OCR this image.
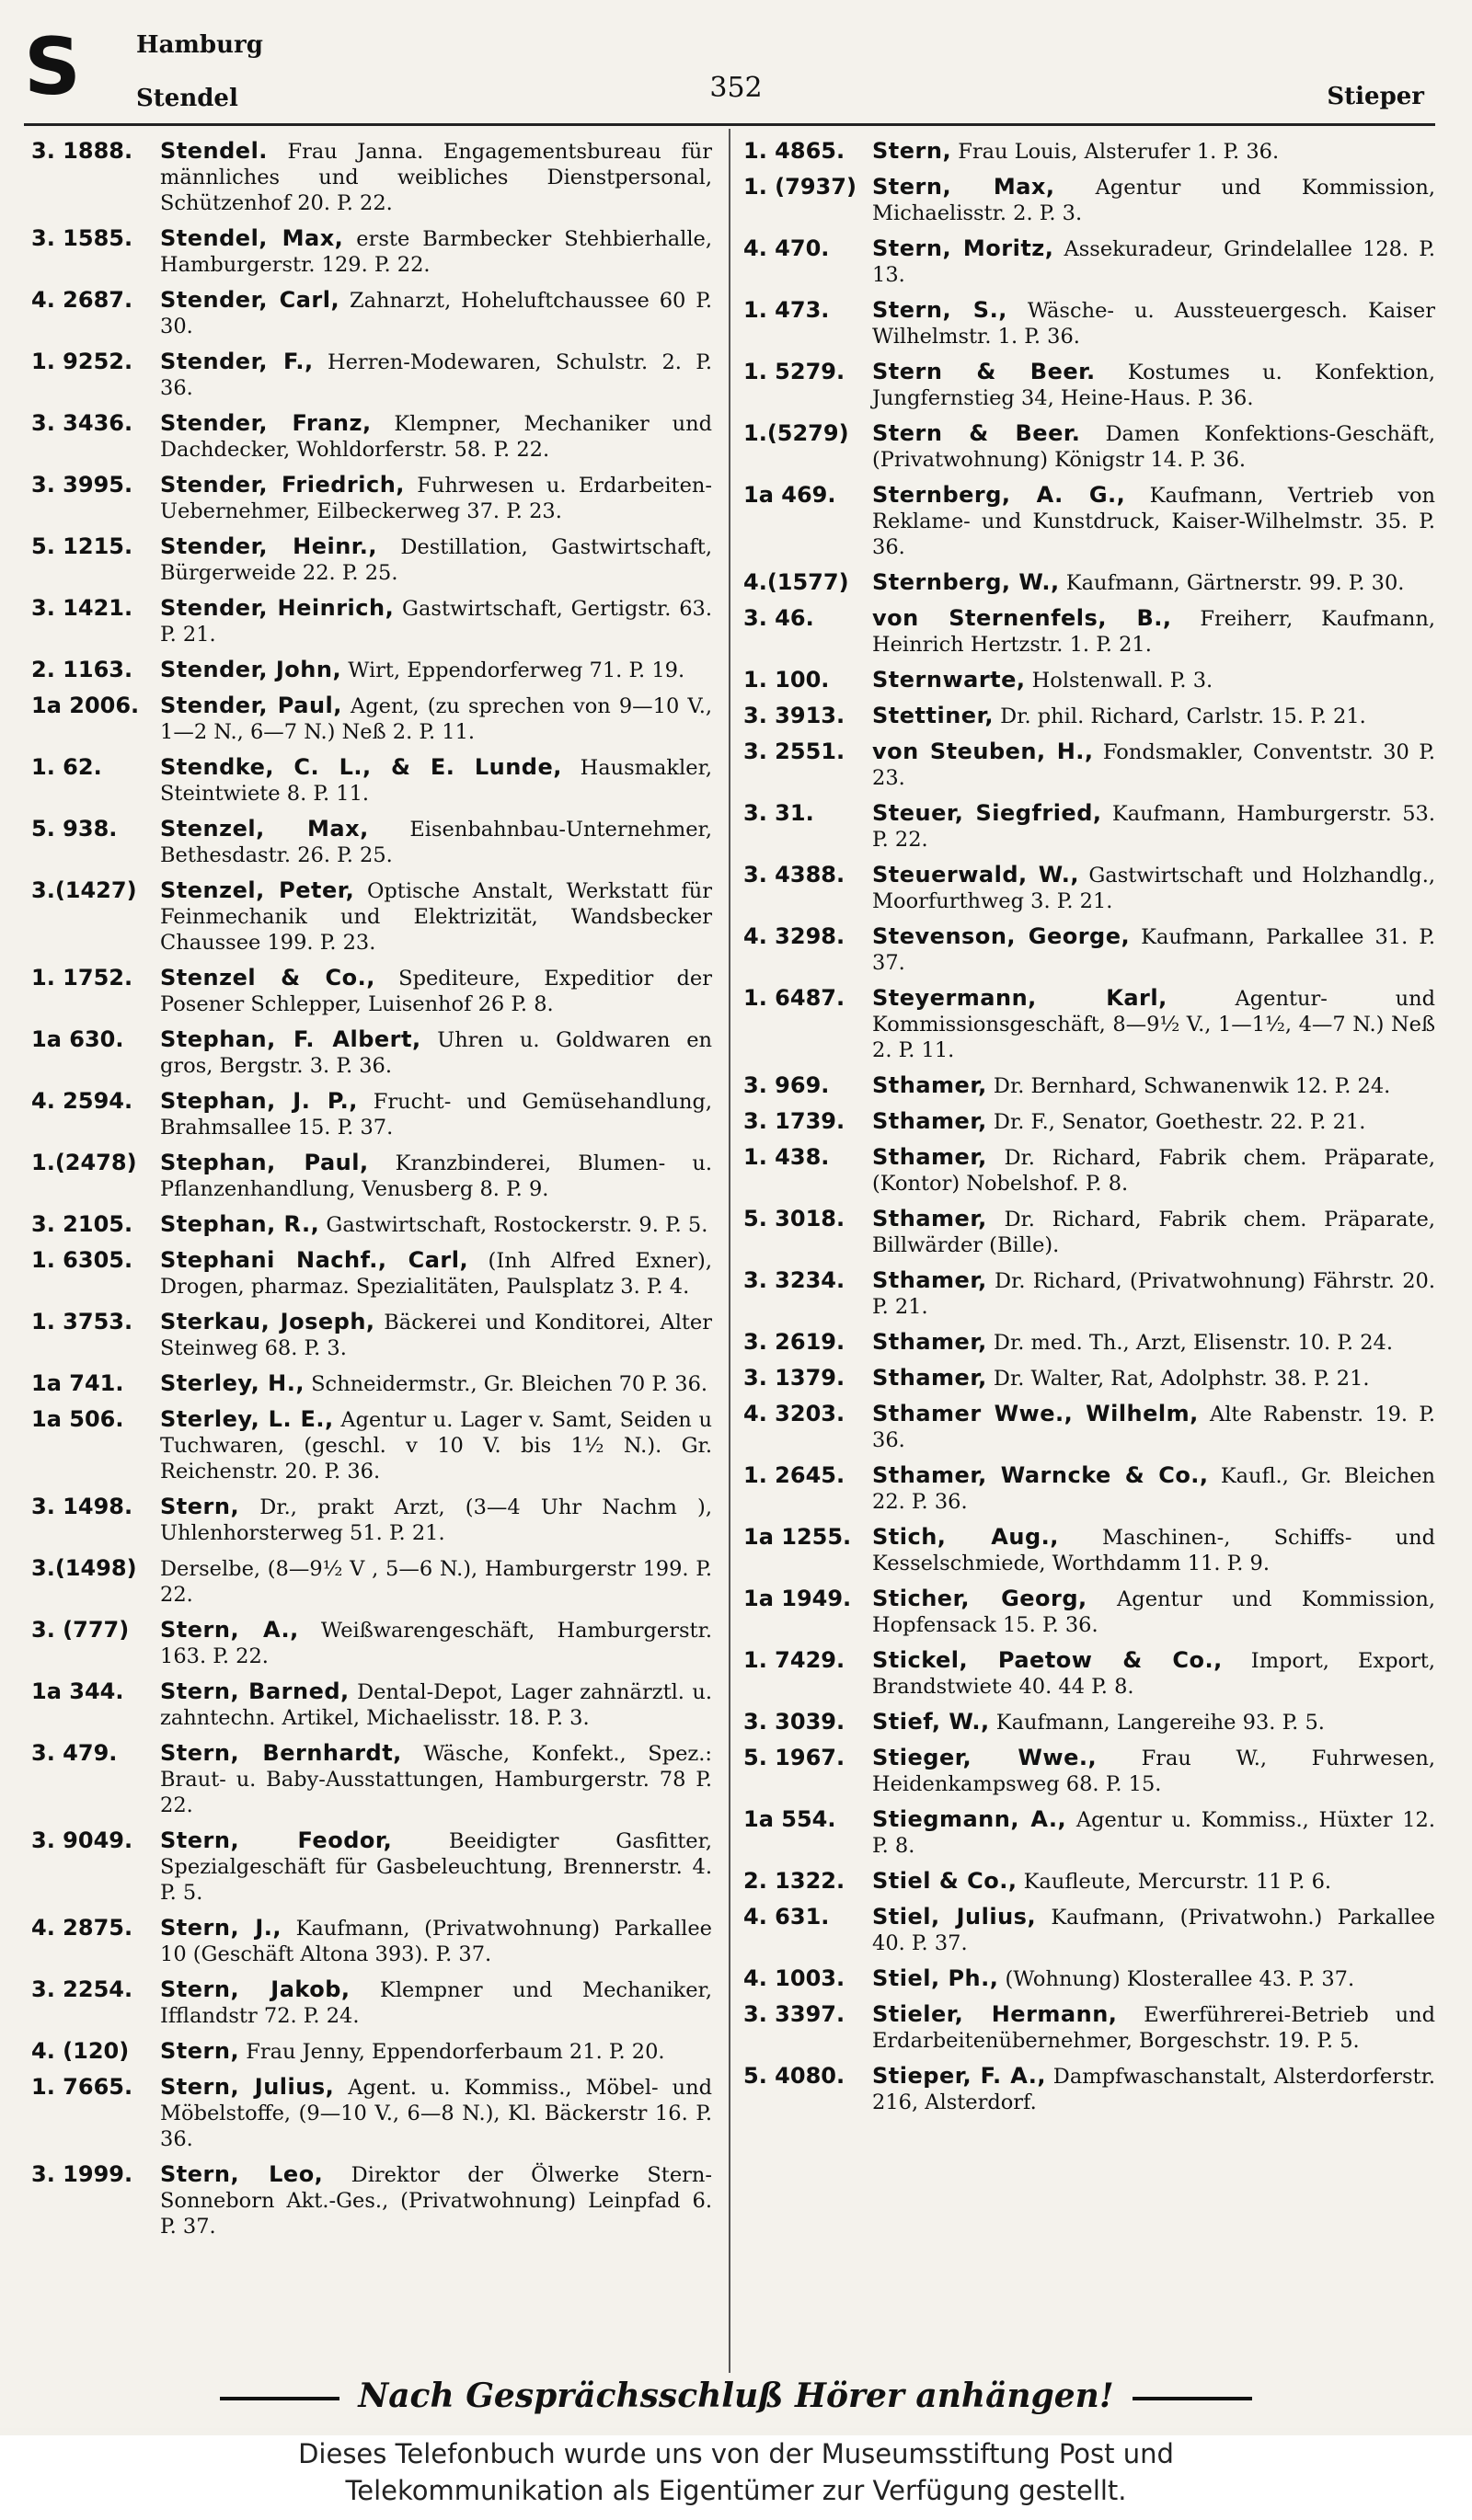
S Hamburg
Stendel	352	Stieper
3. 1888.	Stendel. Frau Janna. Engagementsbureau für männliches und weibliches Dienstpersonal, Schützenhof 20. P. 22.
3. 1585.	Stendel, Max, erste Barmbecker Stehbierhalle, Hamburgerstr. 129. P. 22.
4. 2687.	Stender, Carl, Zahnarzt, Hoheluftchaussee 60 P. 30.
1. 9252.	Stender, F., Herren-Modewaren, Schulstr. 2. P. 36.
3. 3436.	Stender, Franz, Klempner, Mechaniker und Dachdecker, Wohldorferstr. 58. P. 22.
3. 3995.	Stender, Friedrich, Fuhrwesen u. Erdarbeiten-Uebernehmer, Eilbeckerweg 37. P. 23.
5. 1215.	Stender, Heinr., Destillation, Gastwirtschaft, Bürgerweide 22. P. 25.
3. 1421.	Stender, Heinrich, Gastwirtschaft, Gertigstr. 63. P. 21.
2. 1163.	Stender, John, Wirt, Eppendorferweg 71. P. 19.
1a 2006. Stender, Paul, Agent, (zu sprechen von 9—10 V., 1—2 N., 6—7 N.) Neß 2. P. 11.
1. 62.	Stendke, C. L., & E. Lunde, Hausmakler, Steintwiete 8. P. 11.
5. 938.	Stenzel, Max, Eisenbahnbau-Unternehmer, Bethesdastr. 26. P. 25.
3.(1427)	Stenzel, Peter, Optische Anstalt, Werkstatt für Feinmechanik und Elektrizität, Wandsbecker Chaussee 199. P. 23.
1. 1752.	Stenzel & Co., Spediteure, Expeditior der Posener Schlepper, Luisenhof 26 P. 8.
1a 630.	Stephan, F. Albert, Uhren u. Goldwaren en gros, Bergstr. 3. P. 36.
4. 2594.	Stephan, J. P., Frucht- und Gemüsehandlung, Brahmsallee 15. P. 37.
1.(2478)	Stephan, Paul, Kranzbinderei, Blumen- u. Pflanzenhandlung, Venusberg 8. P. 9.
3. 2105.	Stephan, R., Gastwirtschaft, Rostockerstr. 9. P. 5.
1. 6305.	Stephani Nachf., Carl, (Inh Alfred Exner), Drogen, pharmaz. Spezialitäten, Paulsplatz 3. P. 4.
1. 3753.	Sterkau, Joseph, Bäckerei und Konditorei, Alter Steinweg 68. P. 3.
1a 741.	Sterley, H., Schneidermstr., Gr. Bleichen 70 P. 36.
1a 506.	Sterley, L. E., Agentur u. Lager v. Samt, Seiden u Tuchwaren, (geschl. v 10 V. bis 1½ N.). Gr. Reichenstr. 20. P. 36.
3. 1498.	Stern, Dr., prakt Arzt, (3—4 Uhr Nachm ), Uhlenhorsterweg 51. P. 21.
3.(1498)	Derselbe, (8—9½ V , 5—6 N.), Hamburgerstr 199. P. 22.
3. (777)	Stern, A., Weißwarengeschäft, Hamburgerstr. 163. P. 22.
1a 344.	Stern, Barned, Dental-Depot, Lager zahnärztl. u. zahntechn. Artikel, Michaelisstr. 18. P. 3.
3. 479.	Stern, Bernhardt, Wäsche, Konfekt., Spez.: Braut- u. Baby-Ausstattungen, Hamburgerstr. 78 P. 22.
3. 9049.	Stern, Feodor, Beeidigter Gasfitter, Spezialgeschäft für Gasbeleuchtung, Brennerstr. 4. P. 5.
4. 2875.	Stern, J., Kaufmann, (Privatwohnung) Parkallee 10 (Geschäft Altona 393). P. 37.
3. 2254.	Stern, Jakob, Klempner und Mechaniker, Ifflandstr 72. P. 24.
4. (120)	Stern, Frau Jenny, Eppendorferbaum 21. P. 20.
1. 7665.	Stern, Julius, Agent. u. Kommiss., Möbel- und Möbelstoffe, (9—10 V., 6—8 N.), Kl. Bäckerstr 16. P. 36.
3. 1999.	Stern, Leo, Direktor der Ölwerke Stern-Sonneborn Akt.-Ges., (Privatwohnung) Leinpfad 6. P. 37.
1. 4865.	Stern, Frau Louis, Alsterufer 1. P. 36.
1. (7937) Stern, Max, Agentur und Kommission, Michaelisstr. 2. P. 3.
4. 470.	Stern, Moritz, Assekuradeur, Grindelallee 128. P. 13.
1. 473.	Stern, S., Wäsche- u. Aussteuergesch. Kaiser Wilhelmstr. 1. P. 36.
1. 5279.	Stern & Beer. Kostumes u. Konfektion, Jungfernstieg 34, Heine-Haus. P. 36.
1.(5279)	Stern & Beer. Damen Konfektions-Geschäft, (Privatwohnung) Königstr 14. P. 36.
1a 469.	Sternberg, A. G., Kaufmann, Vertrieb von Reklame- und Kunstdruck, Kaiser-Wilhelmstr. 35. P. 36.
4.(1577)	Sternberg, W., Kaufmann, Gärtnerstr. 99. P. 30.
3. 46.	von Sternenfels, B., Freiherr, Kaufmann, Heinrich Hertzstr. 1. P. 21.
1. 100.	Sternwarte, Holstenwall. P. 3.
3. 3913.	Stettiner, Dr. phil. Richard, Carlstr. 15. P. 21.
3. 2551.	von Steuben, H., Fondsmakler, Conventstr. 30 P. 23.
3. 31.	Steuer, Siegfried, Kaufmann, Hamburgerstr. 53. P. 22.
3. 4388.	Steuerwald, W., Gastwirtschaft und Holzhandlg., Moorfurthweg 3. P. 21.
4. 3298.	Stevenson, George, Kaufmann, Parkallee 31. P. 37.
1. 6487.	Steyermann, Karl, Agentur- und Kommissionsgeschäft, 8—9½ V., 1—1½, 4—7 N.) Neß 2. P. 11.
3. 969.	Sthamer, Dr. Bernhard, Schwanenwik 12. P. 24.
3. 1739.	Sthamer, Dr. F., Senator, Goethestr. 22. P. 21.
1. 438.	Sthamer, Dr. Richard, Fabrik chem. Präparate, (Kontor) Nobelshof. P. 8.
5. 3018.	Sthamer, Dr. Richard, Fabrik chem. Präparate, Billwärder (Bille).
3. 3234.	Sthamer, Dr. Richard, (Privatwohnung) Fährstr. 20. P. 21.
3. 2619.	Sthamer, Dr. med. Th., Arzt, Elisenstr. 10. P. 24.
3. 1379.	Sthamer, Dr. Walter, Rat, Adolphstr. 38. P. 21.
4. 3203.	Sthamer Wwe., Wilhelm, Alte Rabenstr. 19. P. 36.
1. 2645.	Sthamer, Warncke & Co., Kaufl., Gr. Bleichen 22. P. 36.
1a 1255. Stich, Aug., Maschinen-, Schiffs- und Kesselschmiede, Worthdamm 11. P. 9.
1a 1949. Sticher, Georg, Agentur und Kommission, Hopfensack 15. P. 36.
1. 7429.	Stickel, Paetow & Co., Import, Export, Brandstwiete 40. 44 P. 8.
3. 3039.	Stief, W., Kaufmann, Langereihe 93. P. 5.
5. 1967.	Stieger, Wwe., Frau W., Fuhrwesen, Heidenkampsweg 68. P. 15.
1a 554.	Stiegmann, A., Agentur u. Kommiss., Hüxter 12. P. 8.
2. 1322.	Stiel & Co., Kaufleute, Mercurstr. 11 P. 6.
4. 631.	Stiel, Julius, Kaufmann, (Privatwohn.) Parkallee 40. P. 37.
4. 1003.	Stiel, Ph., (Wohnung) Klosterallee 43. P. 37.
3. 3397.	Stieler, Hermann, Ewerführerei-Betrieb und Erdarbeitenübernehmer, Borgeschstr. 19. P. 5.
5. 4080.	Stieper, F. A., Dampfwaschanstalt, Alsterdorferstr. 216, Alsterdorf.
Nach Gesprächsschluß Hörer anhängen!
Dieses Telefonbuch wurde uns von der Museumsstiftung Post und
Telekommunikation als Eigentümer zur Verfügung gestellt.
